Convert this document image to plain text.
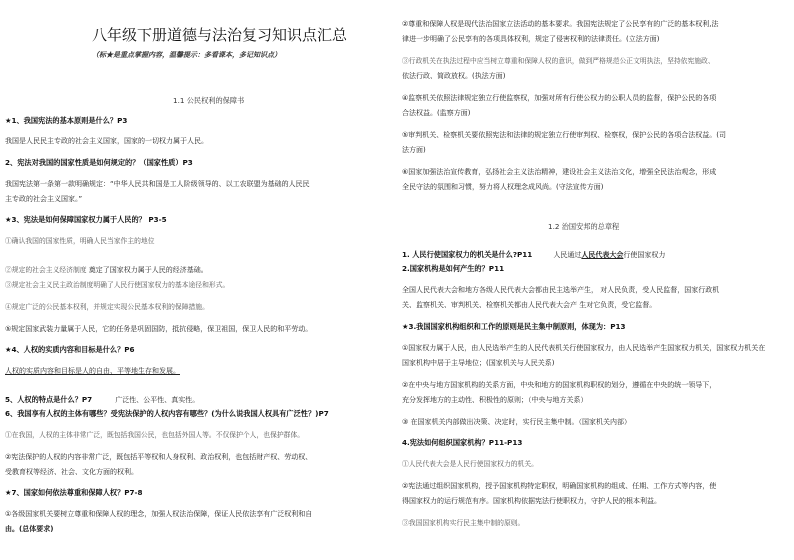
八年级下册道德与法治复习知识点汇总
（标★是重点掌握内容，温馨提示：多看课本，多记知识点）
1.1 公民权利的保障书
★1、我国宪法的基本原则是什么？P3
我国是人民民主专政的社会主义国家，国家的一切权力属于人民。
2、宪法对我国的国家性质是如何规定的？（国家性质）P3
我国宪法第一条第一款明确规定：“中华人民共和国是工人阶级领导的、以工农联盟为基础的人民民
主专政的社会主义国家。”
★3、宪法是如何保障国家权力属于人民的？ P3-5
①确认我国的国家性质，明确人民当家作主的地位
②规定的社会主义经济制度 奠定了国家权力属于人民的经济基础。
③规定社会主义民主政治制度明确了人民行使国家权力的基本途径和形式。
④规定广泛的公民基本权利，并规定实现公民基本权利的保障措施。
⑤规定国家武装力量属于人民，它的任务是巩固国防，抵抗侵略，保卫祖国，保卫人民的和平劳动。
★4、人权的实质内容和目标是什么？P6
人权的实质内容和目标是人的自由、平等地生存和发展。
5、人权的特点是什么？P7	广泛性、公平性、真实性。
6、我国享有人权的主体有哪些？受宪法保护的人权内容有哪些？(为什么说我国人权具有广泛性？)P7
①在我国，人权的主体非常广泛，既包括我国公民，也包括外国人等。不仅保护个人，也保护群体。
②宪法保护的人权的内容非常广泛，既包括平等权和人身权利、政治权利，也包括财产权、劳动权、
受教育权等经济、社会、文化方面的权利。
★7、国家如何依法尊重和保障人权？P7-8
①各级国家机关要树立尊重和保障人权的理念，加强人权法治保障，保证人民依法享有广泛权利和自
由。(总体要求)
②尊重和保障人权是现代法治国家立法活动的基本要求。我国宪法规定了公民享有的广泛的基本权利,法
律进一步明确了公民享有的各项具体权利，规定了侵害权利的法律责任。(立法方面)
③行政机关在执法过程中应当树立尊重和保障人权的意识，做到严格规范公正文明执法，坚持依宪施政、
依法行政、简政放权。(执法方面)
④监察机关依照法律规定独立行使监察权，加强对所有行使公权力的公职人员的监督，保护公民的各项
合法权益。(监察方面)
⑤审判机关、检察机关要依照宪法和法律的规定独立行使审判权、检察权，保护公民的各项合法权益。(司
法方面)
⑥国家加强法治宣传教育，弘扬社会主义法治精神，建设社会主义法治文化，增强全民法治观念，形成
全民守法的氛围和习惯，努力将人权理念成风尚。(守法宣传方面)
1.2 治国安邦的总章程
1. 人民行使国家权力的机关是什么?P11	人民通过人民代表大会行使国家权力
2.国家机构是如何产生的？P11
全国人民代表大会和地方各级人民代表大会都由民主选举产生， 对人民负责，受人民监督，国家行政机
关、监察机关、审判机关、检察机关都由人民代表大会产 生对它负责，受它监督。
★3.我国国家机构组织和工作的原则是民主集中制原则，体现为：P13
①国家权力属于人民，由人民选举产生的人民代表机关行使国家权力，由人民选举产生国家权力机关，国家权力机关在
国家机构中居于主导地位；(国家机关与人民关系)
②在中央与地方国家机构的关系方面，中央和地方的国家机构职权的划分，遵循在中央的统一领导下，
充分发挥地方的主动性、积极性的原则；（中央与地方关系）
③ 在国家机关内部做出决策、决定时，实行民主集中制。（国家机关内部）
4.宪法如何组织国家机构？P11-P13
①人民代表大会是人民行使国家权力的机关。
②宪法通过组织国家机构，授予国家机构特定职权，明确国家机构的组成、任期、工作方式等内容，使
得国家权力的运行规范有序。国家机构依据宪法行使职权力，守护人民的根本利益。
③我国国家机构实行民主集中制的原则。
